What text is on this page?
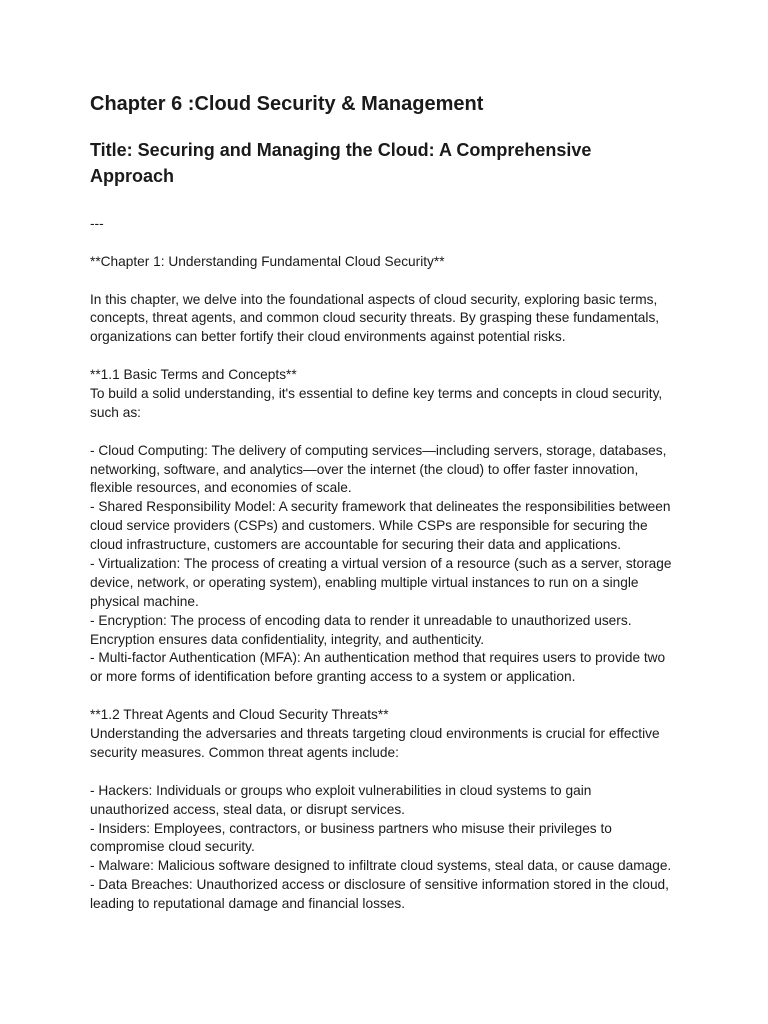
Chapter 6 :Cloud Security & Management
Title: Securing and Managing the Cloud: A Comprehensive
Approach
---
**Chapter 1: Understanding Fundamental Cloud Security**
In this chapter, we delve into the foundational aspects of cloud security, exploring basic terms,
concepts, threat agents, and common cloud security threats. By grasping these fundamentals,
organizations can better fortify their cloud environments against potential risks.
**1.1 Basic Terms and Concepts**
To build a solid understanding, it's essential to define key terms and concepts in cloud security,
such as:
- Cloud Computing: The delivery of computing services—including servers, storage, databases,
networking, software, and analytics—over the internet (the cloud) to offer faster innovation,
flexible resources, and economies of scale.
- Shared Responsibility Model: A security framework that delineates the responsibilities between
cloud service providers (CSPs) and customers. While CSPs are responsible for securing the
cloud infrastructure, customers are accountable for securing their data and applications.
- Virtualization: The process of creating a virtual version of a resource (such as a server, storage
device, network, or operating system), enabling multiple virtual instances to run on a single
physical machine.
- Encryption: The process of encoding data to render it unreadable to unauthorized users.
Encryption ensures data confidentiality, integrity, and authenticity.
- Multi-factor Authentication (MFA): An authentication method that requires users to provide two
or more forms of identification before granting access to a system or application.
**1.2 Threat Agents and Cloud Security Threats**
Understanding the adversaries and threats targeting cloud environments is crucial for effective
security measures. Common threat agents include:
- Hackers: Individuals or groups who exploit vulnerabilities in cloud systems to gain
unauthorized access, steal data, or disrupt services.
- Insiders: Employees, contractors, or business partners who misuse their privileges to
compromise cloud security.
- Malware: Malicious software designed to infiltrate cloud systems, steal data, or cause damage.
- Data Breaches: Unauthorized access or disclosure of sensitive information stored in the cloud,
leading to reputational damage and financial losses.
